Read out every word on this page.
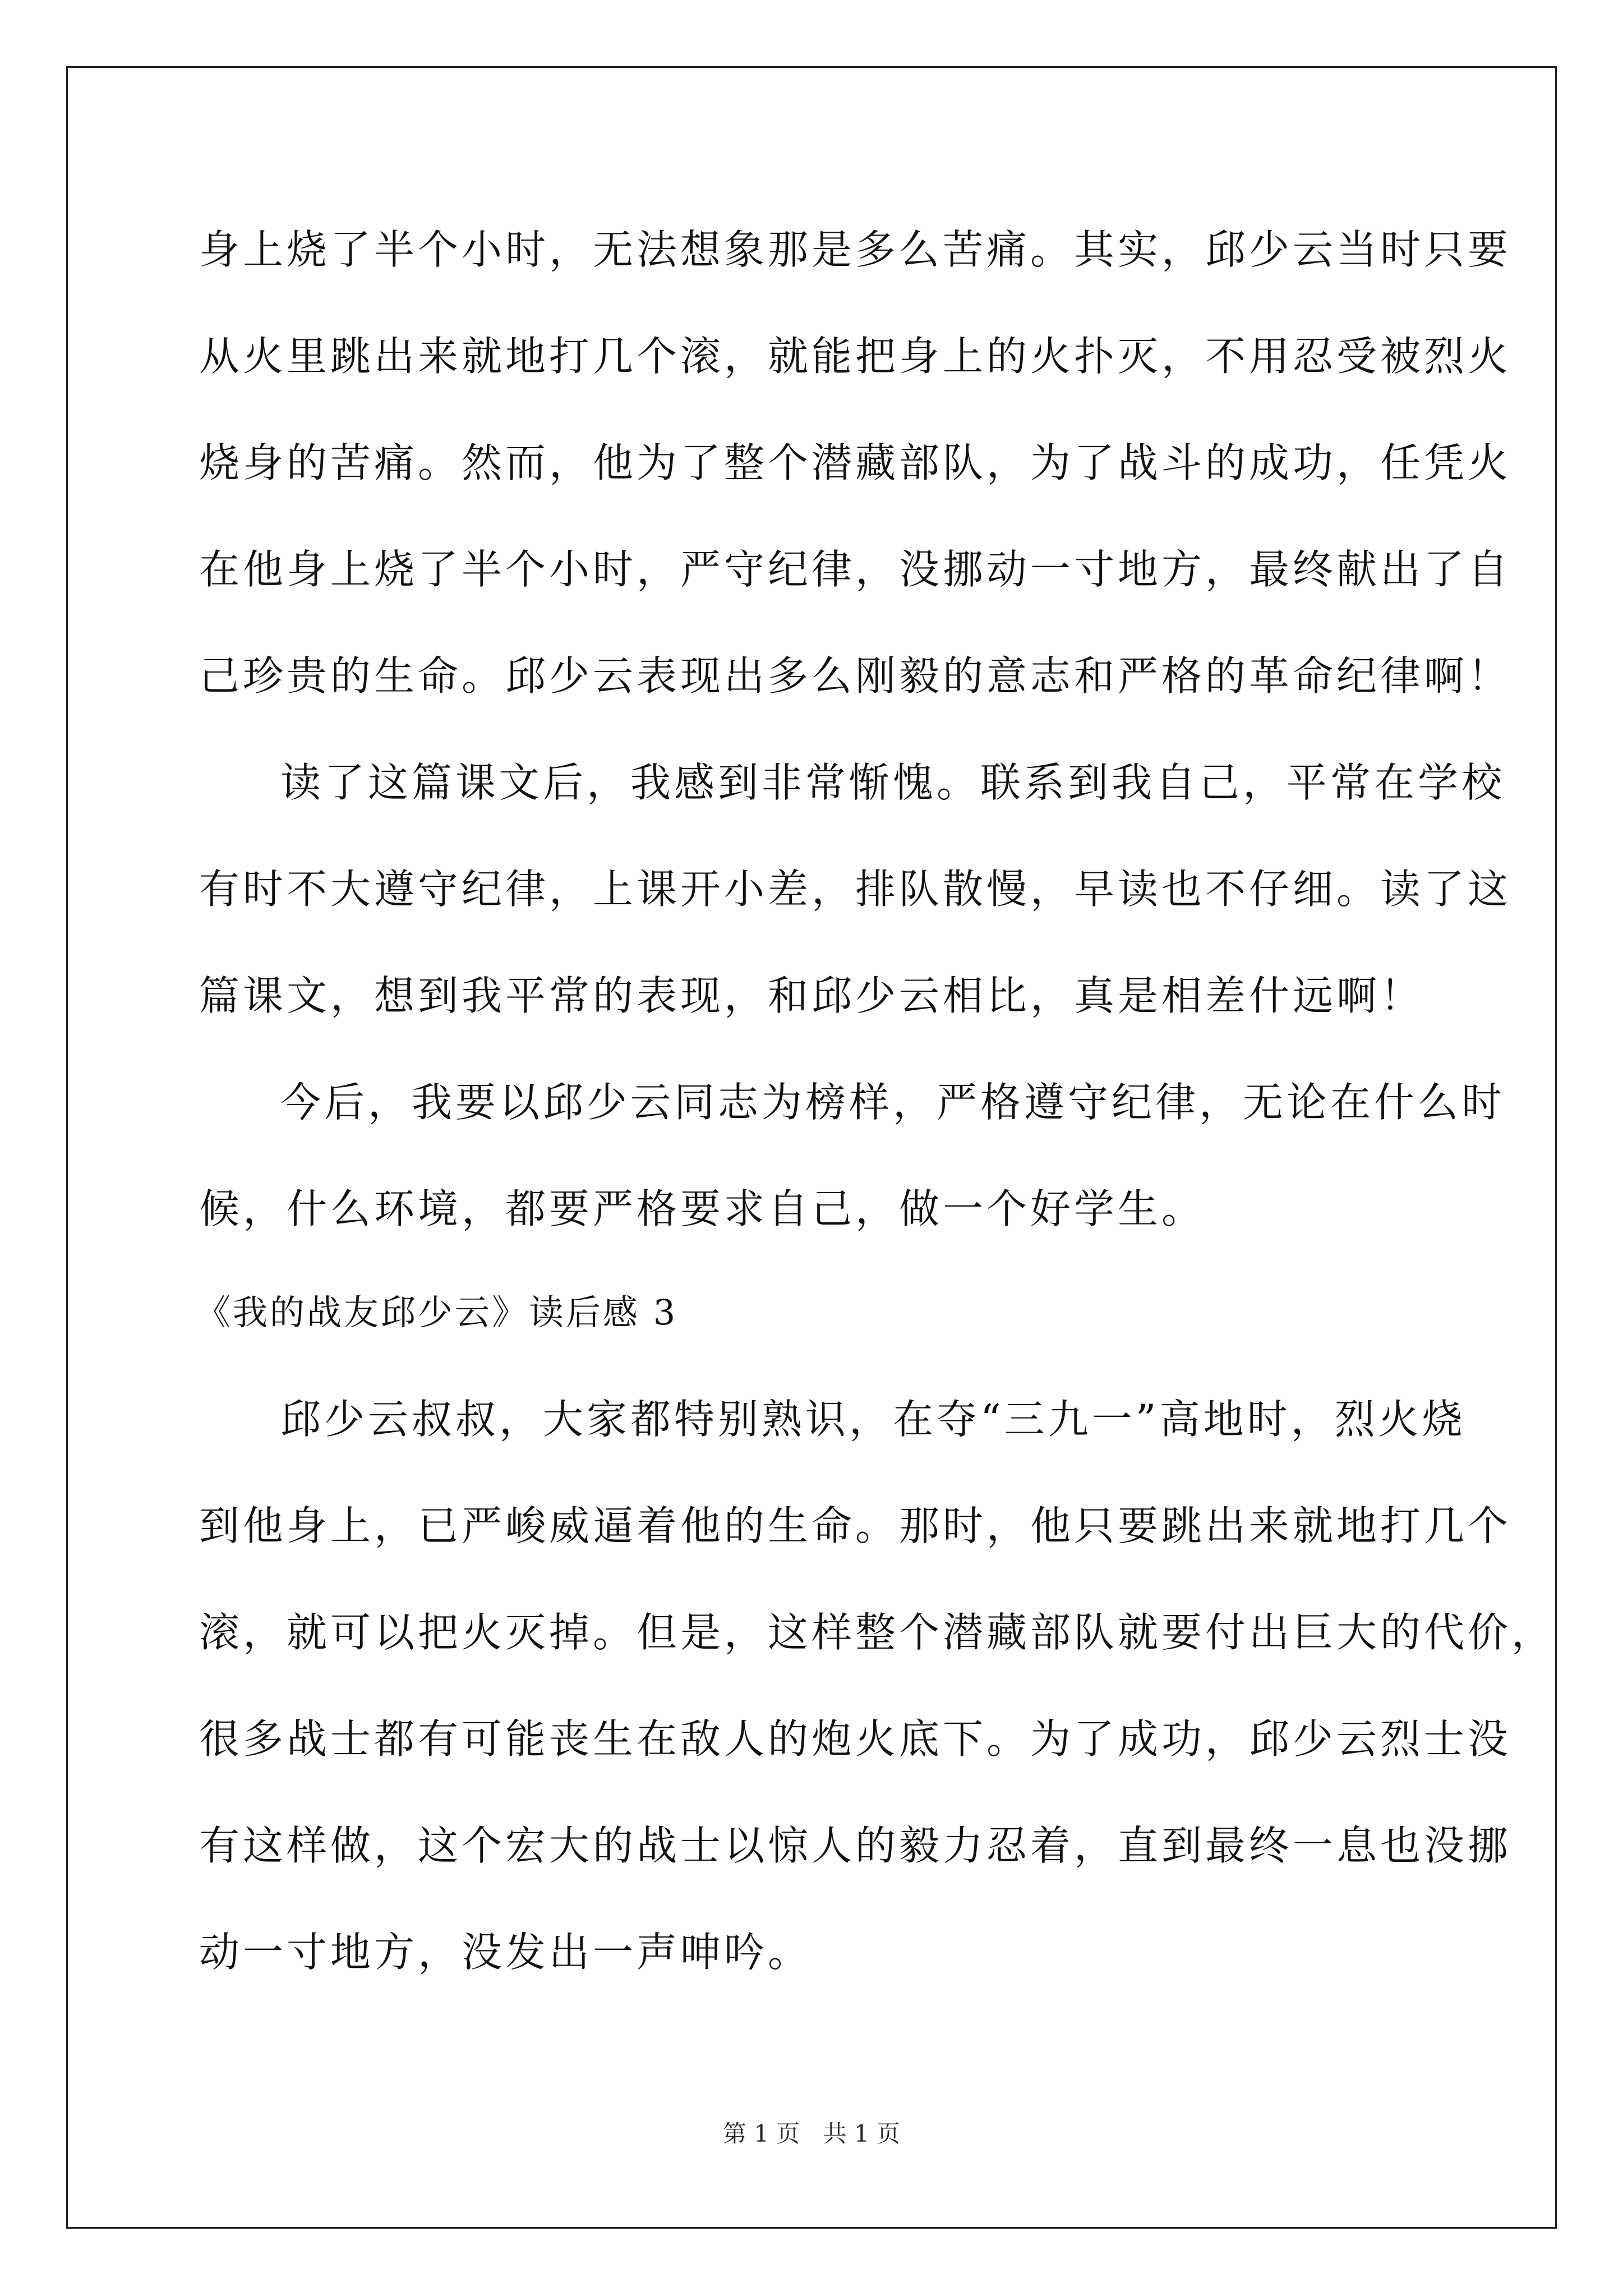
身上烧了半个小时，无法想象那是多么苦痛。其实，邱少云当时只要
从火里跳出来就地打几个滚，就能把身上的火扑灭，不用忍受被烈火
烧身的苦痛。然而，他为了整个潜藏部队，为了战斗的成功，任凭火
在他身上烧了半个小时，严守纪律，没挪动一寸地方，最终献出了自
己珍贵的生命。邱少云表现出多么刚毅的意志和严格的革命纪律啊！
读了这篇课文后，我感到非常惭愧。联系到我自己，平常在学校
有时不大遵守纪律，上课开小差，排队散慢，早读也不仔细。读了这
篇课文，想到我平常的表现，和邱少云相比，真是相差什远啊！
今后，我要以邱少云同志为榜样，严格遵守纪律，无论在什么时
候，什么环境，都要严格要求自己，做一个好学生。
《我的战友邱少云》读后感 3
邱少云叔叔，大家都特别熟识，在夺“三九一”高地时，烈火烧
到他身上，已严峻威逼着他的生命。那时，他只要跳出来就地打几个
滚，就可以把火灭掉。但是，这样整个潜藏部队就要付出巨大的代价，
很多战士都有可能丧生在敌人的炮火底下。为了成功，邱少云烈士没
有这样做，这个宏大的战士以惊人的毅力忍着，直到最终一息也没挪
动一寸地方，没发出一声呻吟。
第 1 页 共 1 页
